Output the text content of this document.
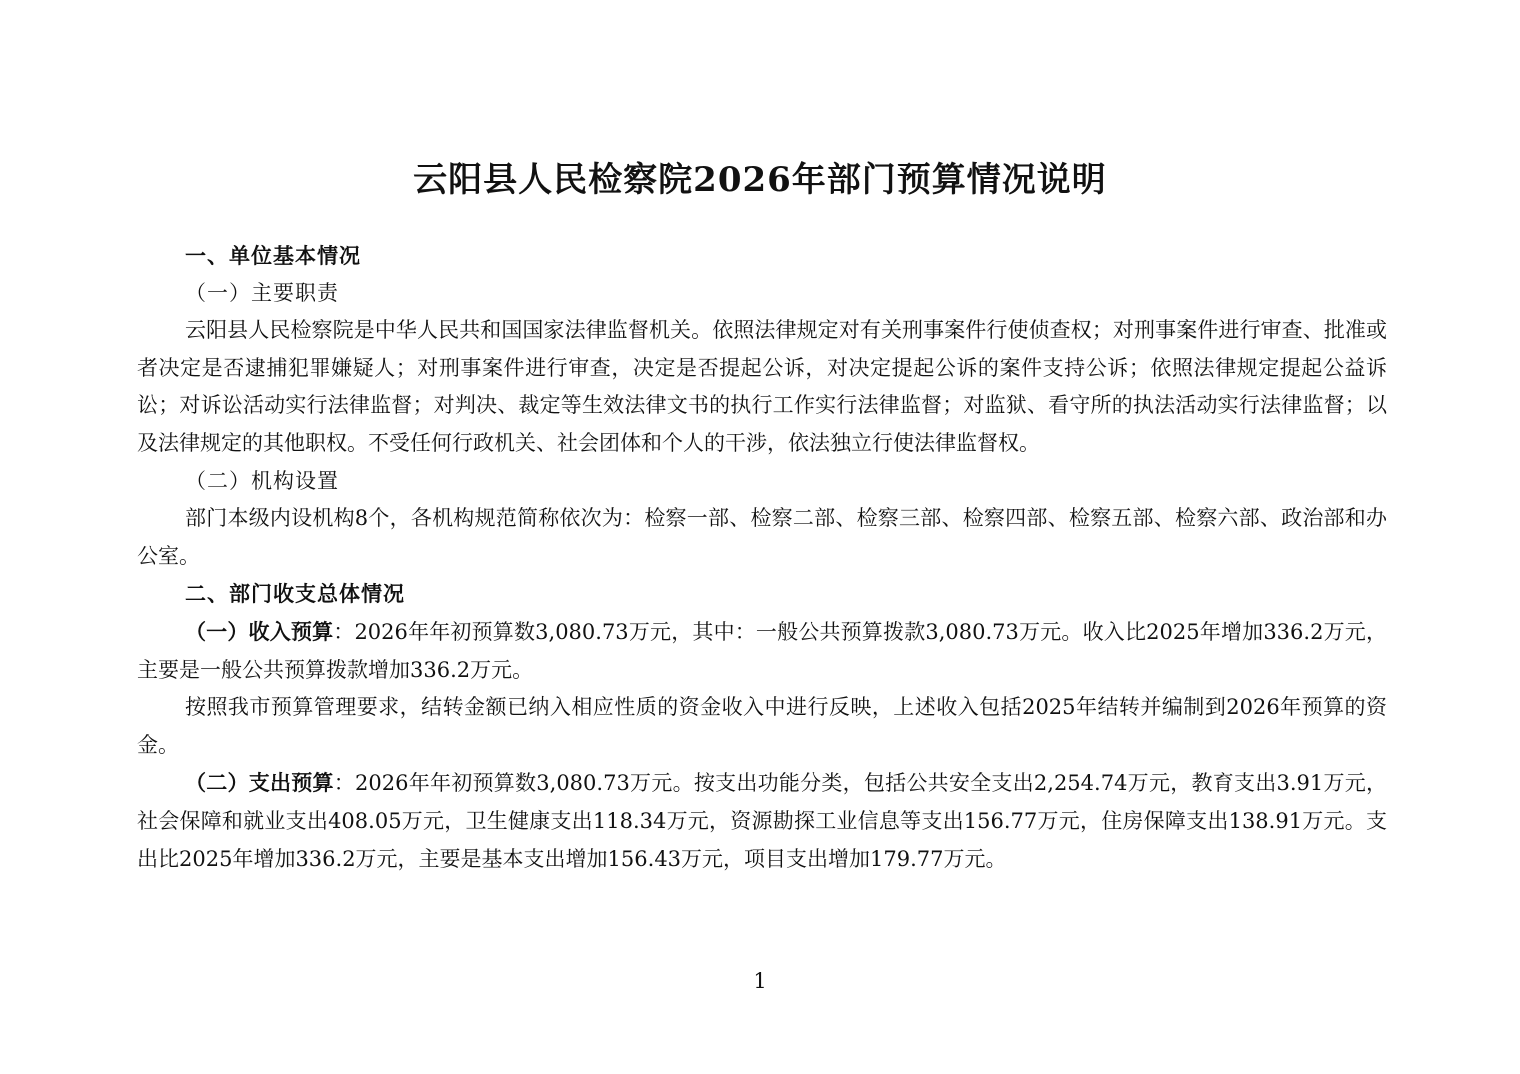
云阳县人民检察院2026年部门预算情况说明
一、单位基本情况
（一）主要职责

云阳县人民检察院是中华人民共和国国家法律监督机关。依照法律规定对有关刑事案件行使侦查权；对刑事案件进行审查、批准或者决定是否逮捕犯罪嫌疑人；对刑事案件进行审查，决定是否提起公诉，对决定提起公诉的案件支持公诉；依照法律规定提起公益诉讼；对诉讼活动实行法律监督；对判决、裁定等生效法律文书的执行工作实行法律监督；对监狱、看守所的执法活动实行法律监督；以及法律规定的其他职权。不受任何行政机关、社会团体和个人的干涉，依法独立行使法律监督权。

（二）机构设置

部门本级内设机构8个，各机构规范简称依次为：检察一部、检察二部、检察三部、检察四部、检察五部、检察六部、政治部和办公室。

二、部门收支总体情况

（一）收入预算：2026年年初预算数3,080.73万元，其中：一般公共预算拨款3,080.73万元。收入比2025年增加336.2万元，主要是一般公共预算拨款增加336.2万元。

按照我市预算管理要求，结转金额已纳入相应性质的资金收入中进行反映，上述收入包括2025年结转并编制到2026年预算的资金。

（二）支出预算：2026年年初预算数3,080.73万元。按支出功能分类，包括公共安全支出2,254.74万元，教育支出3.91万元，社会保障和就业支出408.05万元，卫生健康支出118.34万元，资源勘探工业信息等支出156.77万元，住房保障支出138.91万元。支出比2025年增加336.2万元，主要是基本支出增加156.43万元，项目支出增加179.77万元。

1
